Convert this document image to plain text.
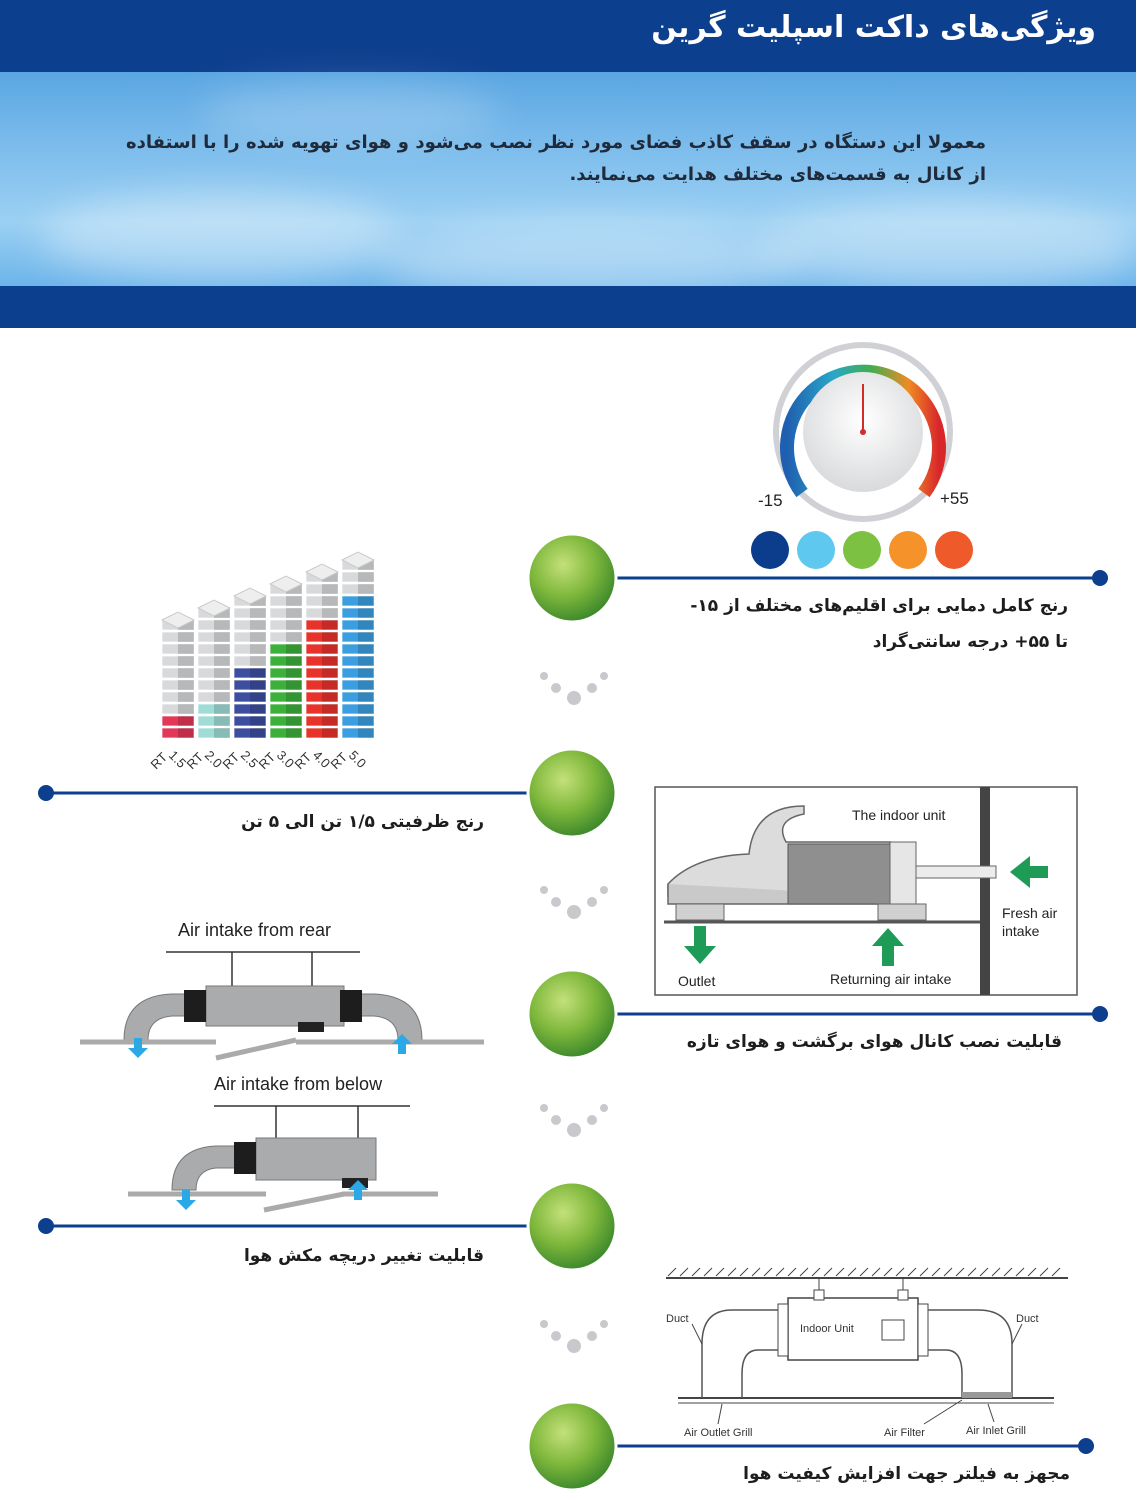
ویژگی‌های داکت اسپلیت گرین
معمولا این دستگاه در سقف کاذب فضای مورد نظر نصب می‌شود و هوای تهویه شده را با استفاده از کانال به قسمت‌های مختلف هدایت می‌نمایند.
رنج کامل دمایی برای اقلیم‌های مختلف از ۱۵-
تا ۵۵+ درجه سانتی‌گراد
رنج ظرفیتی ۱/۵ تن الی ۵ تن
قابلیت نصب کانال هوای برگشت و هوای تازه
قابلیت تغییر دریچه مکش هوا
مجهز به فیلتر جهت افزایش کیفیت هوا
-15	+55
1.5
RT 2.0
RT 2.5
RT 3.0
RT 4.0
RT 5.0
RT
The indoor unit
Fresh air
intake
Outlet	Returning air intake
Air intake from rear
Air intake from below
Duct	Duct
Indoor Unit
Air Outlet Grill	Air Filter	Air Inlet Grill
